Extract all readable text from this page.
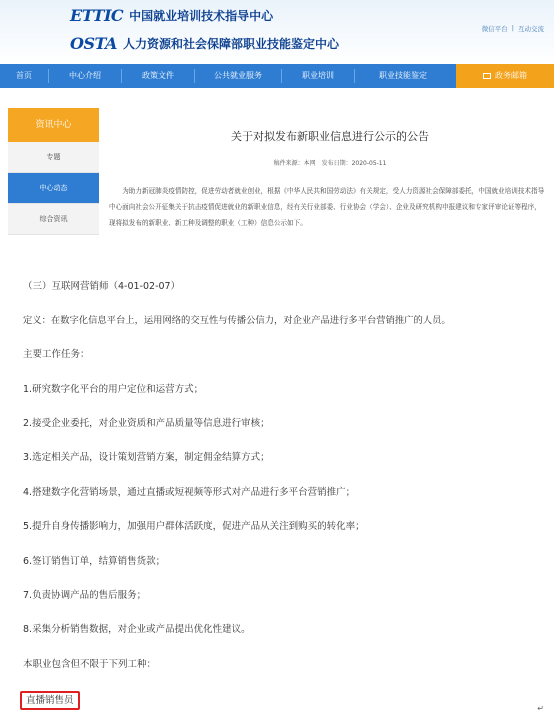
ETTIC 中国就业培训技术指导中心
OSTA 人力资源和社会保障部职业技能鉴定中心
微信平台 | 互动交流
首页	中心介绍	政策文件	公共就业服务	职业培训	职业技能鉴定	政务邮箱
资讯中心
专题
中心动态
综合资讯
关于对拟发布新职业信息进行公示的公告
稿件来源：本网　发布日期：2020-05-11
为助力新冠肺炎疫情防控，促进劳动者就业创业，根据《中华人民共和国劳动法》有关规定，受人力资源社会保障部委托，中国就业培训技术指导中心面向社会公开征集关于抗击疫情促进就业的新职业信息，经有关行业部委、行业协会（学会）、企业及研究机构申报建议和专家评审论证等程序，现将拟发布的新职业、新工种及调整的职业（工种）信息公示如下。
（三）互联网营销师（4-01-02-07）
定义：在数字化信息平台上，运用网络的交互性与传播公信力，对企业产品进行多平台营销推广的人员。
主要工作任务：
1.研究数字化平台的用户定位和运营方式；
2.接受企业委托，对企业资质和产品质量等信息进行审核；
3.选定相关产品，设计策划营销方案，制定佣金结算方式；
4.搭建数字化营销场景，通过直播或短视频等形式对产品进行多平台营销推广；
5.提升自身传播影响力，加强用户群体活跃度，促进产品从关注到购买的转化率；
6.签订销售订单，结算销售货款；
7.负责协调产品的售后服务；
8.采集分析销售数据，对企业或产品提出优化性建议。
本职业包含但不限于下列工种：
直播销售员
↵
